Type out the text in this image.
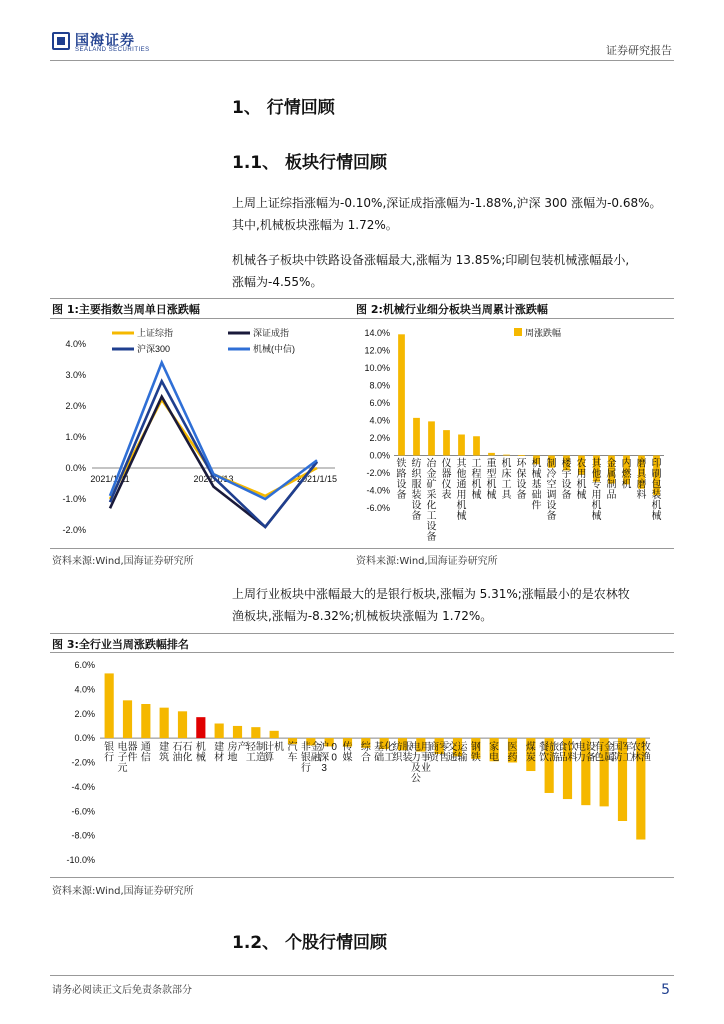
国海证券
SEALAND SECURITIES	证券研究报告
1、 行情回顾
1.1、 板块行情回顾
上周上证综指涨幅为-0.10%,深证成指涨幅为-1.88%,沪深 300 涨幅为-0.68%。
其中,机械板块涨幅为 1.72%。
机械各子板块中铁路设备涨幅最大,涨幅为 13.85%;印刷包装机械涨幅最小,
涨幅为-4.55%。
图 1:主要指数当周单日涨跌幅	图 2:机械行业细分板块当周累计涨跌幅
-2.0%
-1.0%
0.0%
1.0%
2.0%
3.0%
4.0%
2021/1/11	2021/1/13	2021/1/15
上证综指	深证成指
沪深300	机械(中信)
-6.0%
-4.0%
-2.0%
0.0%
2.0%
4.0%
6.0%
8.0%
10.0%
12.0%
14.0%
铁路设备
纺织服装设备
冶金矿采化工设备
仪器仪表
其他通用机械
工程机械
重型机械
机床工具
环保设备
机械基础件
制冷空调设备
楼宇设备
农用机械
其他专用机械
金属制品
内燃机
磨具磨料
印刷包装机械
周涨跌幅
资料来源:Wind,国海证券研究所	资料来源:Wind,国海证券研究所
上周行业板块中涨幅最大的是银行板块,涨幅为 5.31%;涨幅最小的是农林牧
渔板块,涨幅为-8.32%;机械板块涨幅为 1.72%。
图 3:全行业当周涨跌幅排名
-10.0%
-8.0%
-6.0%
-4.0%
-2.0%
0.0%
2.0%
4.0%
6.0%
银行
电子元
器件
通信
建筑
石油
石化
机械
建材
房地
产
轻工
制造
计算
机 汽车
非银行
金融
沪深 3
0 0
传媒
综合
基础
化工
纺织
服装
电力及公
用事业
商贸
零售
交通
运输
钢铁
家电
医药
煤炭
餐饮
旅游
食品
饮料
电力
设备
有色
金属
国防
军工
农林
牧渔
资料来源:Wind,国海证券研究所
1.2、 个股行情回顾
请务必阅读正文后免责条款部分	5
